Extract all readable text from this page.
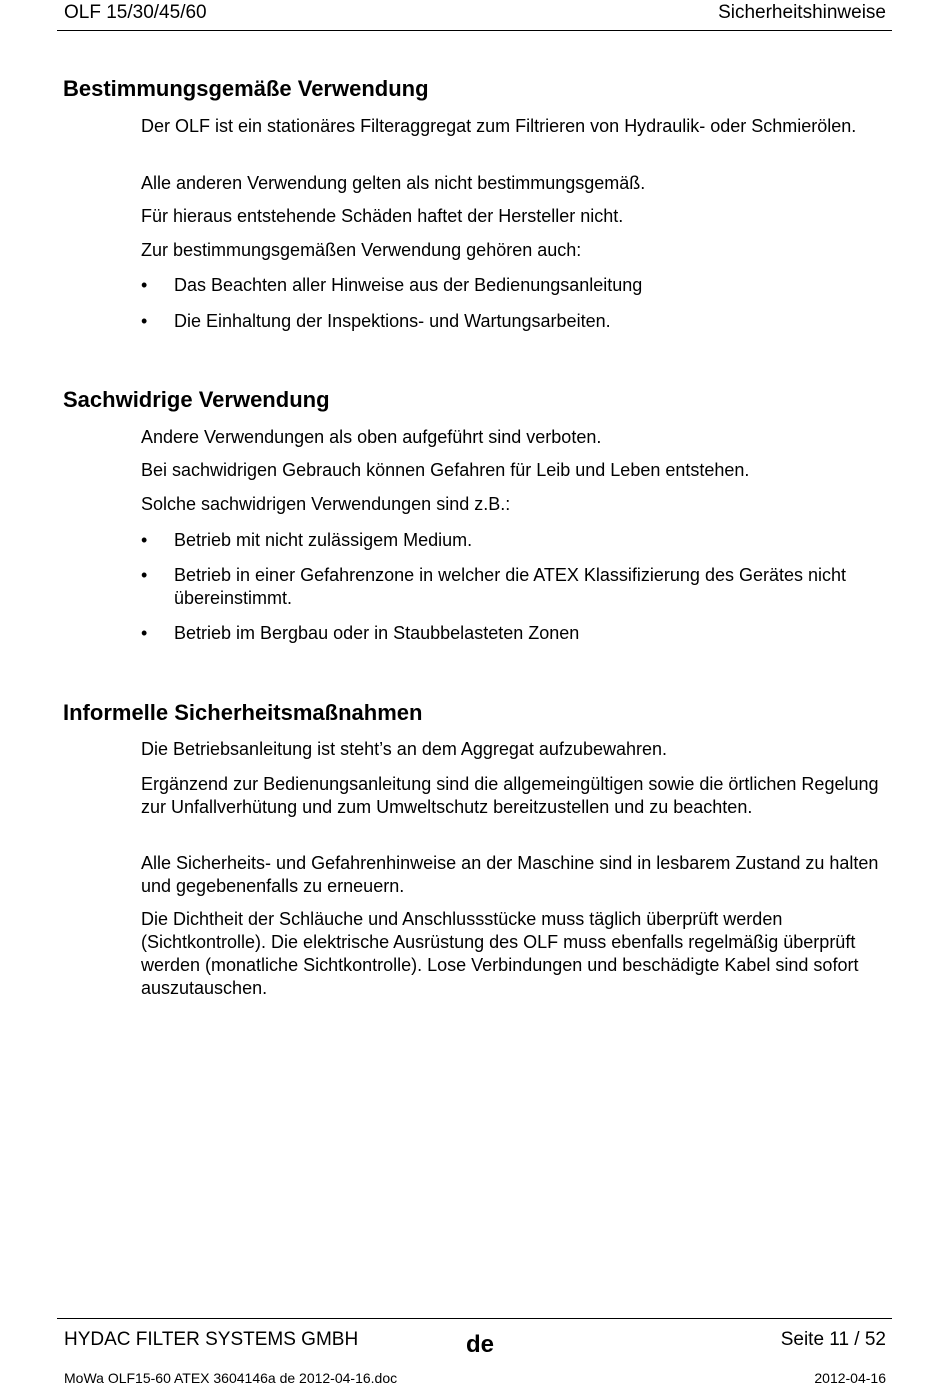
OLF 15/30/45/60	Sicherheitshinweise
Bestimmungsgemäße Verwendung

Der OLF ist ein stationäres Filteraggregat zum Filtrieren von Hydraulik- oder Schmierölen.

Alle anderen Verwendung gelten als nicht bestimmungsgemäß.

Für hieraus entstehende Schäden haftet der Hersteller nicht.

Zur bestimmungsgemäßen Verwendung gehören auch:

• Das Beachten aller Hinweise aus der Bedienungsanleitung
• Die Einhaltung der Inspektions- und Wartungsarbeiten.
Sachwidrige Verwendung

Andere Verwendungen als oben aufgeführt sind verboten.

Bei sachwidrigen Gebrauch können Gefahren für Leib und Leben entstehen.

Solche sachwidrigen Verwendungen sind z.B.:

• Betrieb mit nicht zulässigem Medium.
• Betrieb in einer Gefahrenzone in welcher die ATEX Klassifizierung des Gerätes nicht übereinstimmt.
• Betrieb im Bergbau oder in Staubbelasteten Zonen
Informelle Sicherheitsmaßnahmen

Die Betriebsanleitung ist steht’s an dem Aggregat aufzubewahren.

Ergänzend zur Bedienungsanleitung sind die allgemeingültigen sowie die örtlichen Regelung zur Unfallverhütung und zum Umweltschutz bereitzustellen und zu beachten.

Alle Sicherheits- und Gefahrenhinweise an der Maschine sind in lesbarem Zustand zu halten und gegebenenfalls zu erneuern.

Die Dichtheit der Schläuche und Anschlussstücke muss täglich überprüft werden (Sichtkontrolle). Die elektrische Ausrüstung des OLF muss ebenfalls regelmäßig überprüft werden (monatliche Sichtkontrolle). Lose Verbindungen und beschädigte Kabel sind sofort auszutauschen.

HYDAC FILTER SYSTEMS GMBH	de	Seite 11 / 52
MoWa OLF15-60 ATEX 3604146a de 2012-04-16.doc	2012-04-16
